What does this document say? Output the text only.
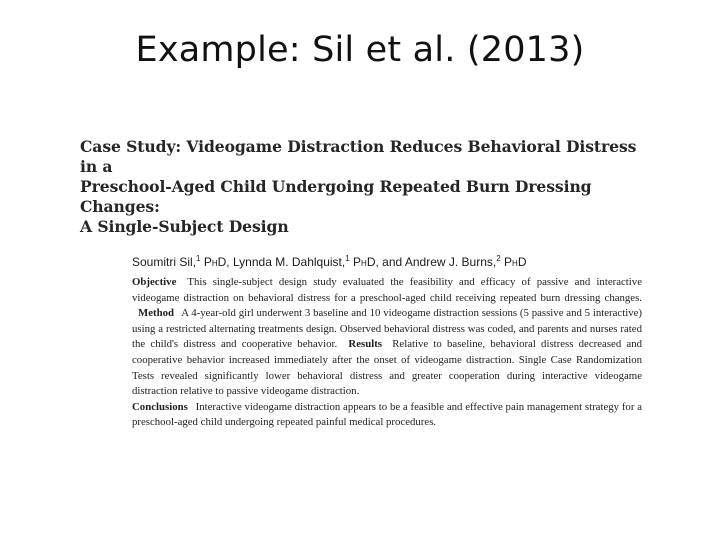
Example: Sil et al. (2013)
Case Study: Videogame Distraction Reduces Behavioral Distress in a
Preschool-Aged Child Undergoing Repeated Burn Dressing Changes:
A Single-Subject Design
Soumitri Sil,$^1$ PhD, Lynnda M. Dahlquist,$^1$ PhD, and Andrew J. Burns,$^2$ PhD
Objective This single-subject design study evaluated the feasibility and efficacy of passive and interactive videogame distraction on behavioral distress for a preschool-aged child receiving repeated burn dressing changes. Method A 4-year-old girl underwent 3 baseline and 10 videogame distraction sessions (5 passive and 5 interactive) using a restricted alternating treatments design. Observed behavioral distress was coded, and parents and nurses rated the child's distress and cooperative behavior. Results Relative to baseline, behavioral distress decreased and cooperative behavior increased immediately after the onset of videogame distraction. Single Case Randomization Tests revealed significantly lower behavioral distress and greater cooperation during interactive videogame distraction relative to passive videogame distraction.
Conclusions Interactive videogame distraction appears to be a feasible and effective pain management strategy for a preschool-aged child undergoing repeated painful medical procedures.
